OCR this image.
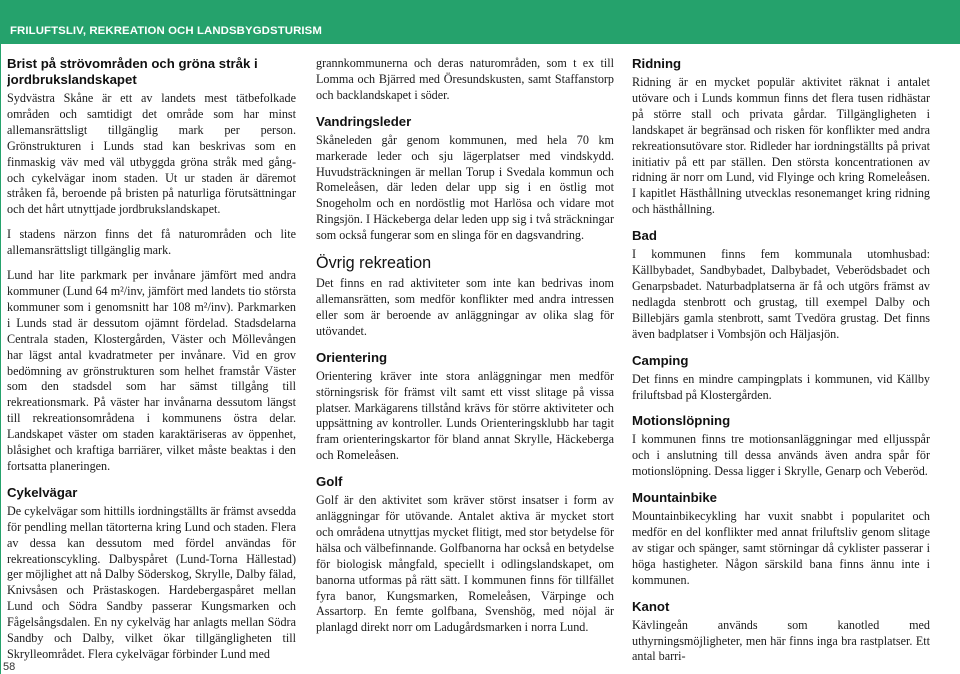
FRILUFTSLIV, REKREATION OCH LANDSBYGDSTURISM
Brist på strövområden och gröna stråk i jordbrukslandskapet

Sydvästra Skåne är ett av landets mest tätbefolkade områden och samtidigt det område som har minst allemansrättsligt tillgänglig mark per person. Grönstrukturen i Lunds stad kan beskrivas som en finmaskig väv med väl utbyggda gröna stråk med gång- och cykelvägar inom staden. Ut ur staden är däremot stråken få, beroende på bristen på naturliga förutsättningar och det hårt utnyttjade jordbrukslandskapet.

I stadens närzon finns det få naturområden och lite allemansrättsligt tillgänglig mark.

Lund har lite parkmark per invånare jämfört med andra kommuner (Lund 64 m²/inv, jämfört med landets tio största kommuner som i genomsnitt har 108 m²/inv). Parkmarken i Lunds stad är dessutom ojämnt fördelad. Stadsdelarna Centrala staden, Klostergården, Väster och Möllevången har lägst antal kvadratmeter per invånare. Vid en grov bedömning av grönstrukturen som helhet framstår Väster som den stadsdel som har sämst tillgång till rekreationsmark. På väster har invånarna dessutom längst till rekreationsområdena i kommunens östra delar. Landskapet väster om staden karaktäriseras av öppenhet, blåsighet och kraftiga barriärer, vilket måste beaktas i den fortsatta planeringen.

Cykelvägar

De cykelvägar som hittills iordningställts är främst avsedda för pendling mellan tätorterna kring Lund och staden. Flera av dessa kan dessutom med fördel användas för rekreationscykling. Dalbyspåret (Lund-Torna Hällestad) ger möjlighet att nå Dalby Söderskog, Skrylle, Dalby fälad, Knivsåsen och Prästaskogen. Hardebergaspåret mellan Lund och Södra Sandby passerar Kungsmarken och Fågelsångsdalen. En ny cykelväg har anlagts mellan Södra Sandby och Dalby, vilket ökar tillgängligheten till Skrylleområdet. Flera cykelvägar förbinder Lund med

grannkommunerna och deras naturområden, som t ex till Lomma och Bjärred med Öresundskusten, samt Staffanstorp och backlandskapet i söder.

Vandringsleder

Skåneleden går genom kommunen, med hela 70 km markerade leder och sju lägerplatser med vindskydd. Huvudsträckningen är mellan Torup i Svedala kommun och Romeleåsen, där leden delar upp sig i en östlig mot Snogeholm och en nordöstlig mot Harlösa och vidare mot Ringsjön. I Häckeberga delar leden upp sig i två sträckningar som också fungerar som en slinga för en dagsvandring.

Övrig rekreation

Det finns en rad aktiviteter som inte kan bedrivas inom allemansrätten, som medför konflikter med andra intressen eller som är beroende av anläggningar av olika slag för utövandet.

Orientering

Orientering kräver inte stora anläggningar men medför störningsrisk för främst vilt samt ett visst slitage på vissa platser. Markägarens tillstånd krävs för större aktiviteter och uppsättning av kontroller. Lunds Orienteringsklubb har tagit fram orienteringskartor för bland annat Skrylle, Häckeberga och Romeleåsen.

Golf

Golf är den aktivitet som kräver störst insatser i form av anläggningar för utövande. Antalet aktiva är mycket stort och områdena utnyttjas mycket flitigt, med stor betydelse för hälsa och välbefinnande. Golfbanorna har också en betydelse för biologisk mångfald, speciellt i odlingslandskapet, om banorna utformas på rätt sätt. I kommunen finns för tillfället fyra banor, Kungsmarken, Romeleåsen, Värpinge och Assartorp. En femte golfbana, Svenshög, med nöjal är planlagd direkt norr om Ladugårdsmarken i norra Lund.

Ridning

Ridning är en mycket populär aktivitet räknat i antalet utövare och i Lunds kommun finns det flera tusen ridhästar på större stall och privata gårdar. Tillgängligheten i landskapet är begränsad och risken för konflikter med andra rekreationsutövare stor. Ridleder har iordningställts på privat initiativ på ett par ställen. Den största koncentrationen av ridning är norr om Lund, vid Flyinge och kring Romeleåsen. I kapitlet Hästhållning utvecklas resonemanget kring ridning och hästhållning.

Bad

I kommunen finns fem kommunala utomhusbad: Källbybadet, Sandbybadet, Dalbybadet, Veberödsbadet och Genarpsbadet. Naturbadplatserna är få och utgörs främst av nedlagda stenbrott och grustag, till exempel Dalby och Billebjärs gamla stenbrott, samt Tvedöra grustag. Det finns även badplatser i Vombsjön och Häljasjön.

Camping

Det finns en mindre campingplats i kommunen, vid Källby friluftsbad på Klostergården.

Motionslöpning

I kommunen finns tre motionsanläggningar med elljusspår och i anslutning till dessa används även andra spår för motionslöpning. Dessa ligger i Skrylle, Genarp och Veberöd.

Mountainbike

Mountainbikecykling har vuxit snabbt i popularitet och medför en del konflikter med annat friluftsliv genom slitage av stigar och spänger, samt störningar då cyklister passerar i höga hastigheter. Någon särskild bana finns ännu inte i kommunen.

Kanot

Kävlingeån används som kanotled med uthyrningsmöjligheter, men här finns inga bra rastplatser. Ett antal barri-

58
